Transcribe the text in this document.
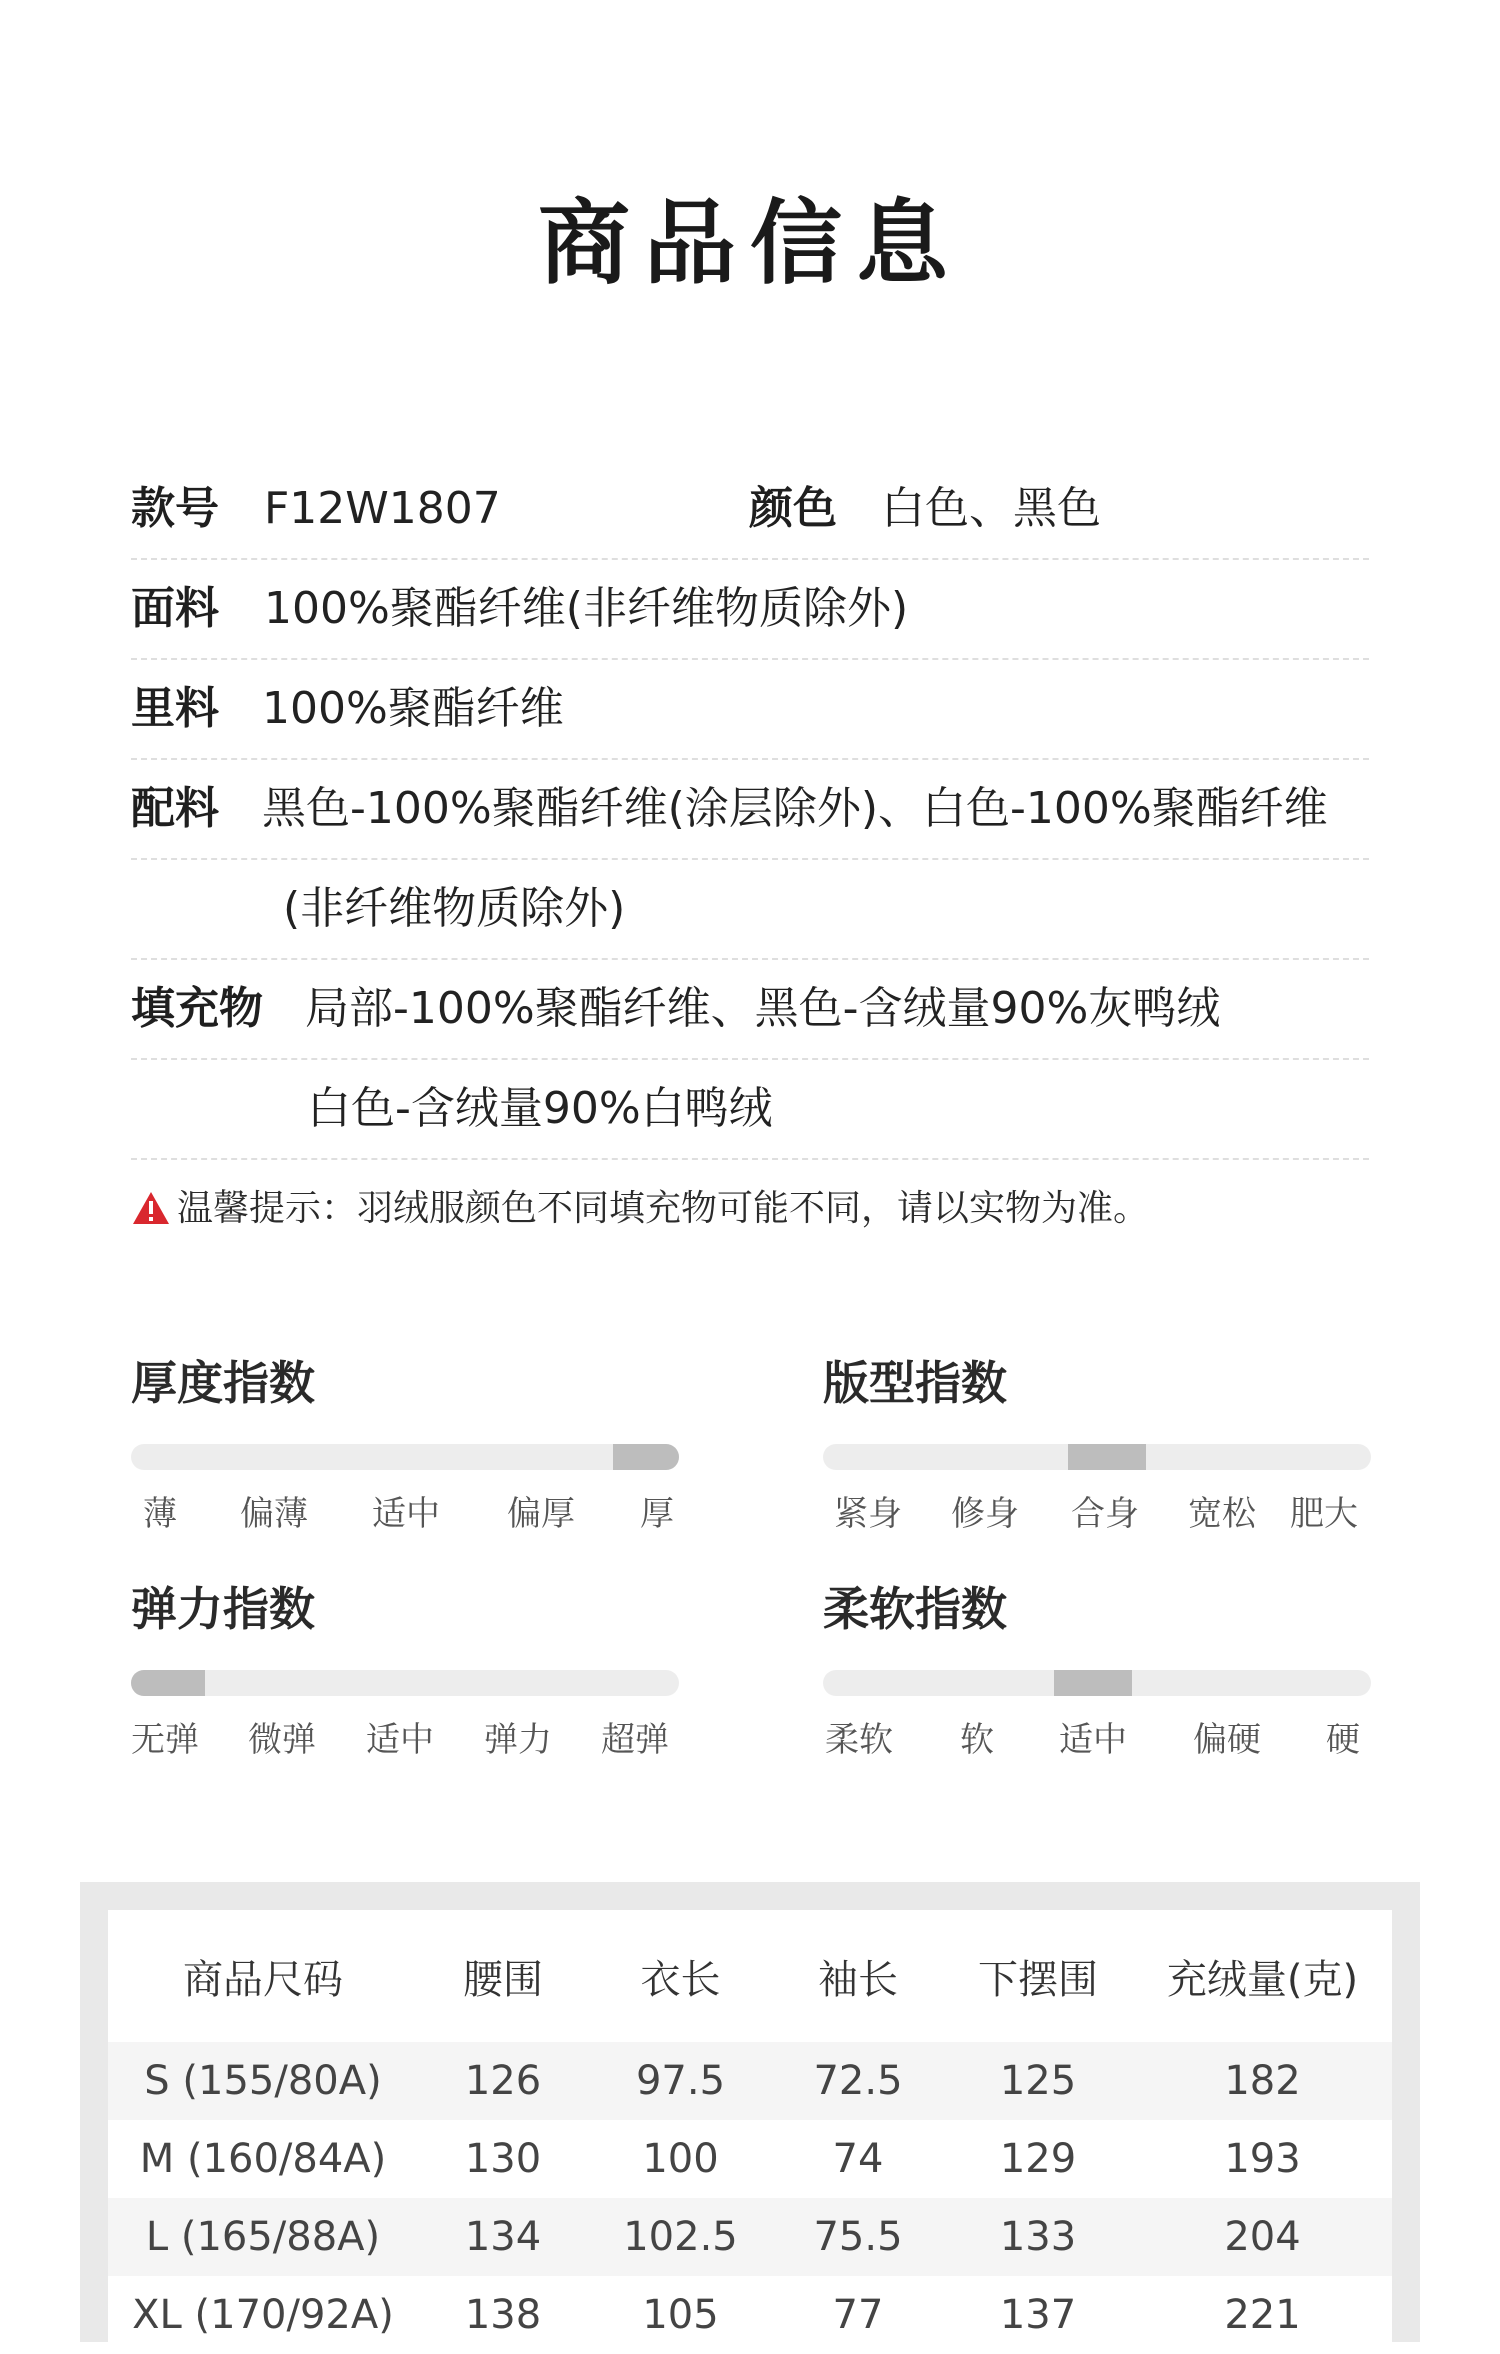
商品信息
款号 F12W1807	颜色 白色、黑色
面料 100%聚酯纤维(非纤维物质除外)
里料 100%聚酯纤维
配料 黑色-100%聚酯纤维(涂层除外)、白色-100%聚酯纤维
(非纤维物质除外)
填充物 局部-100%聚酯纤维、黑色-含绒量90%灰鸭绒
白色-含绒量90%白鸭绒
温馨提示：羽绒服颜色不同填充物可能不同，请以实物为准。
厚度指数
薄 偏薄 适中 偏厚 厚
版型指数
紧身 修身 合身 宽松 肥大
弹力指数
无弹 微弹 适中 弹力 超弹
柔软指数
柔软 软 适中 偏硬 硬
商品尺码	腰围	衣长	袖长	下摆围	充绒量(克)
S (155/80A)	126	97.5	72.5	125	182
M (160/84A)	130	100	74	129	193
L (165/88A)	134	102.5	75.5	133	204
XL (170/92A)	138	105	77	137	221
